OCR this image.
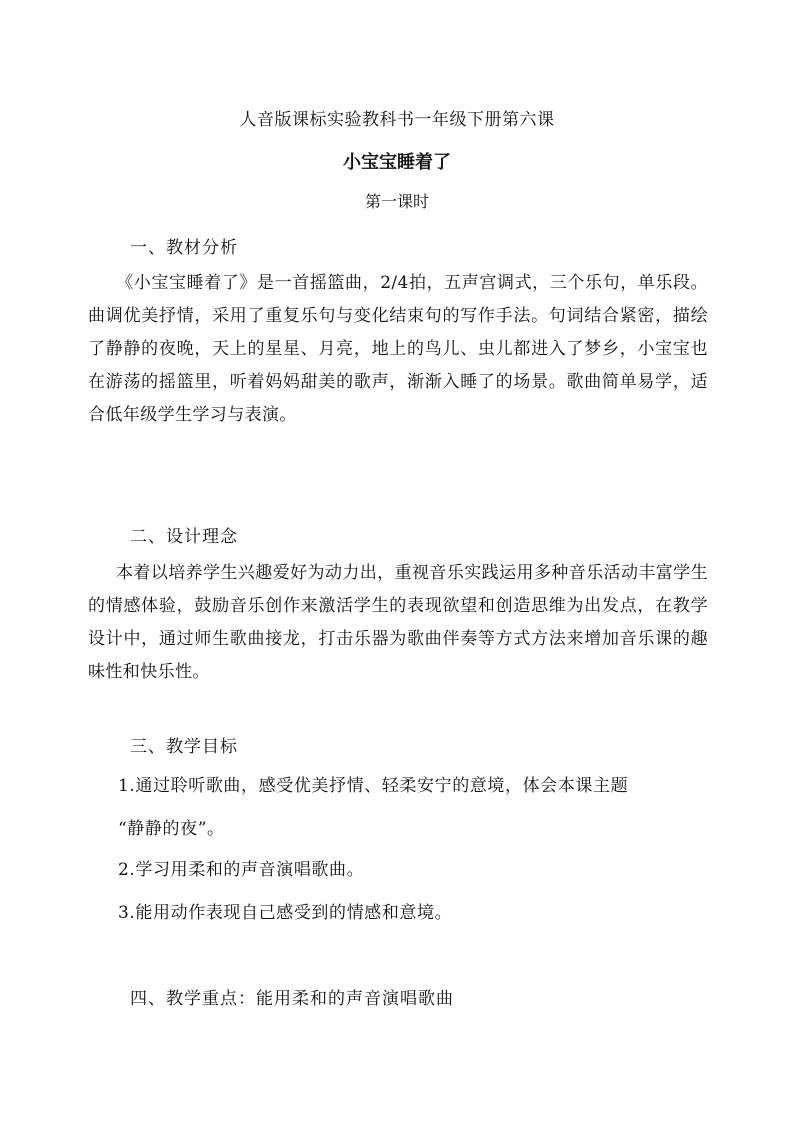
人音版课标实验教科书一年级下册第六课
小宝宝睡着了
第一课时
一、教材分析
《小宝宝睡着了》是一首摇篮曲，2/4拍，五声宫调式，三个乐句，单乐段。曲调优美抒情，采用了重复乐句与变化结束句的写作手法。句词结合紧密，描绘了静静的夜晚，天上的星星、月亮，地上的鸟儿、虫儿都进入了梦乡，小宝宝也在游荡的摇篮里，听着妈妈甜美的歌声，渐渐入睡了的场景。歌曲简单易学，适合低年级学生学习与表演。
二、设计理念
本着以培养学生兴趣爱好为动力出，重视音乐实践运用多种音乐活动丰富学生的情感体验，鼓励音乐创作来激活学生的表现欲望和创造思维为出发点，在教学设计中，通过师生歌曲接龙，打击乐器为歌曲伴奏等方式方法来增加音乐课的趣味性和快乐性。
三、教学目标
1.通过聆听歌曲，感受优美抒情、轻柔安宁的意境，体会本课主题
“静静的夜”。
2.学习用柔和的声音演唱歌曲。
3.能用动作表现自己感受到的情感和意境。
四、教学重点：能用柔和的声音演唱歌曲
